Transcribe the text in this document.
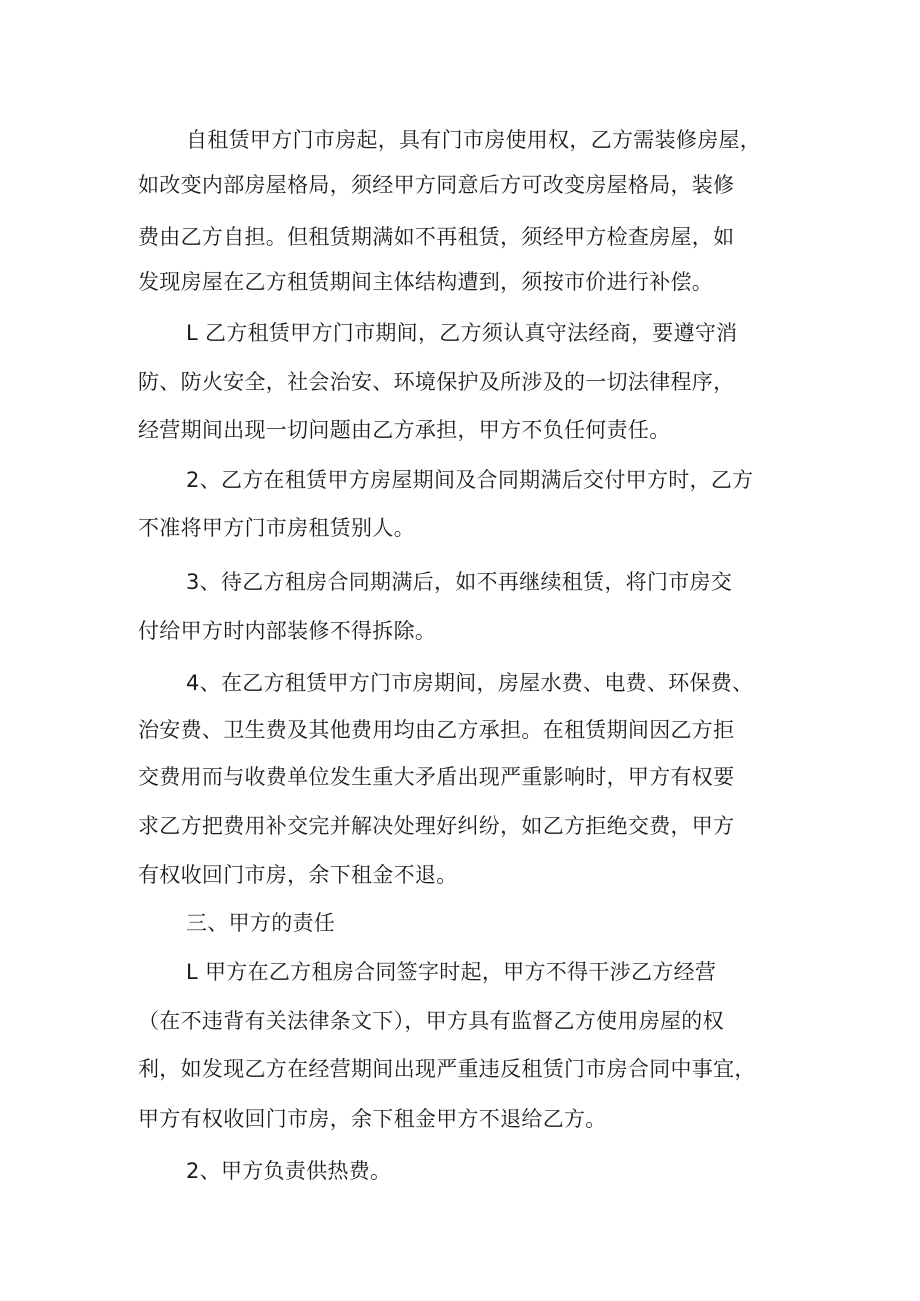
自租赁甲方门市房起，具有门市房使用权，乙方需装修房屋，
如改变内部房屋格局，须经甲方同意后方可改变房屋格局，装修
费由乙方自担。但租赁期满如不再租赁，须经甲方检查房屋，如
发现房屋在乙方租赁期间主体结构遭到，须按市价进行补偿。
L 乙方租赁甲方门市期间，乙方须认真守法经商，要遵守消
防、防火安全，社会治安、环境保护及所涉及的一切法律程序，
经营期间出现一切问题由乙方承担，甲方不负任何责任。
2、乙方在租赁甲方房屋期间及合同期满后交付甲方时，乙方
不准将甲方门市房租赁别人。
3、待乙方租房合同期满后，如不再继续租赁，将门市房交
付给甲方时内部装修不得拆除。
4、在乙方租赁甲方门市房期间，房屋水费、电费、环保费、
治安费、卫生费及其他费用均由乙方承担。在租赁期间因乙方拒
交费用而与收费单位发生重大矛盾出现严重影响时，甲方有权要
求乙方把费用补交完并解决处理好纠纷，如乙方拒绝交费，甲方
有权收回门市房，余下租金不退。
三、甲方的责任
L 甲方在乙方租房合同签字时起，甲方不得干涉乙方经营
（在不违背有关法律条文下），甲方具有监督乙方使用房屋的权
利，如发现乙方在经营期间出现严重违反租赁门市房合同中事宜，
甲方有权收回门市房，余下租金甲方不退给乙方。
2、甲方负责供热费。
